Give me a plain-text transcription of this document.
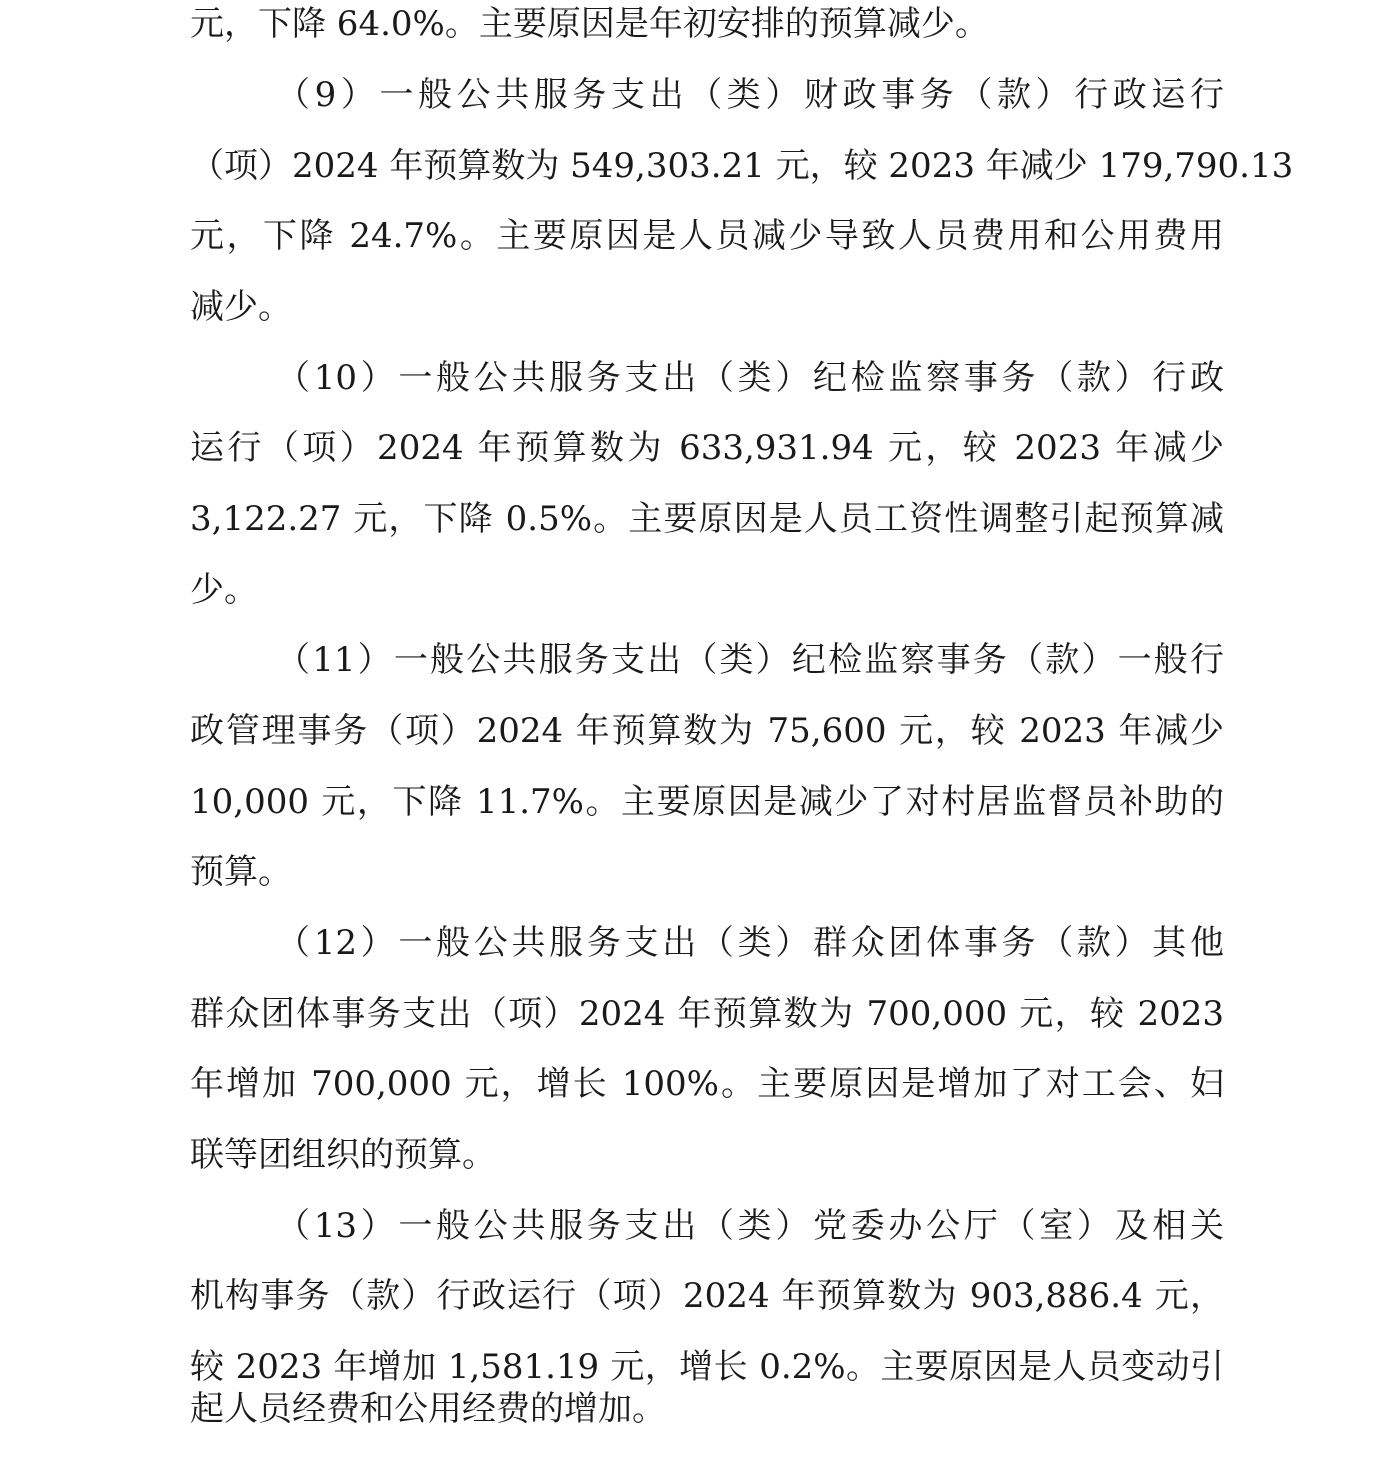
元，下降 64.0%。主要原因是年初安排的预算减少。
（9）一般公共服务支出（类）财政事务（款）行政运行
（项）2024 年预算数为 549,303.21 元，较 2023 年减少 179,790.13
元，下降 24.7%。主要原因是人员减少导致人员费用和公用费用
减少。
（10）一般公共服务支出（类）纪检监察事务（款）行政
运行（项）2024 年预算数为 633,931.94 元，较 2023 年减少
3,122.27 元，下降 0.5%。主要原因是人员工资性调整引起预算减
少。
（11）一般公共服务支出（类）纪检监察事务（款）一般行
政管理事务（项）2024 年预算数为 75,600 元，较 2023 年减少
10,000 元，下降 11.7%。主要原因是减少了对村居监督员补助的
预算。
（12）一般公共服务支出（类）群众团体事务（款）其他
群众团体事务支出（项）2024 年预算数为 700,000 元，较 2023
年增加 700,000 元，增长 100%。主要原因是增加了对工会、妇
联等团组织的预算。
（13）一般公共服务支出（类）党委办公厅（室）及相关
机构事务（款）行政运行（项）2024 年预算数为 903,886.4 元，
较 2023 年增加 1,581.19 元，增长 0.2%。主要原因是人员变动引
起人员经费和公用经费的增加。
